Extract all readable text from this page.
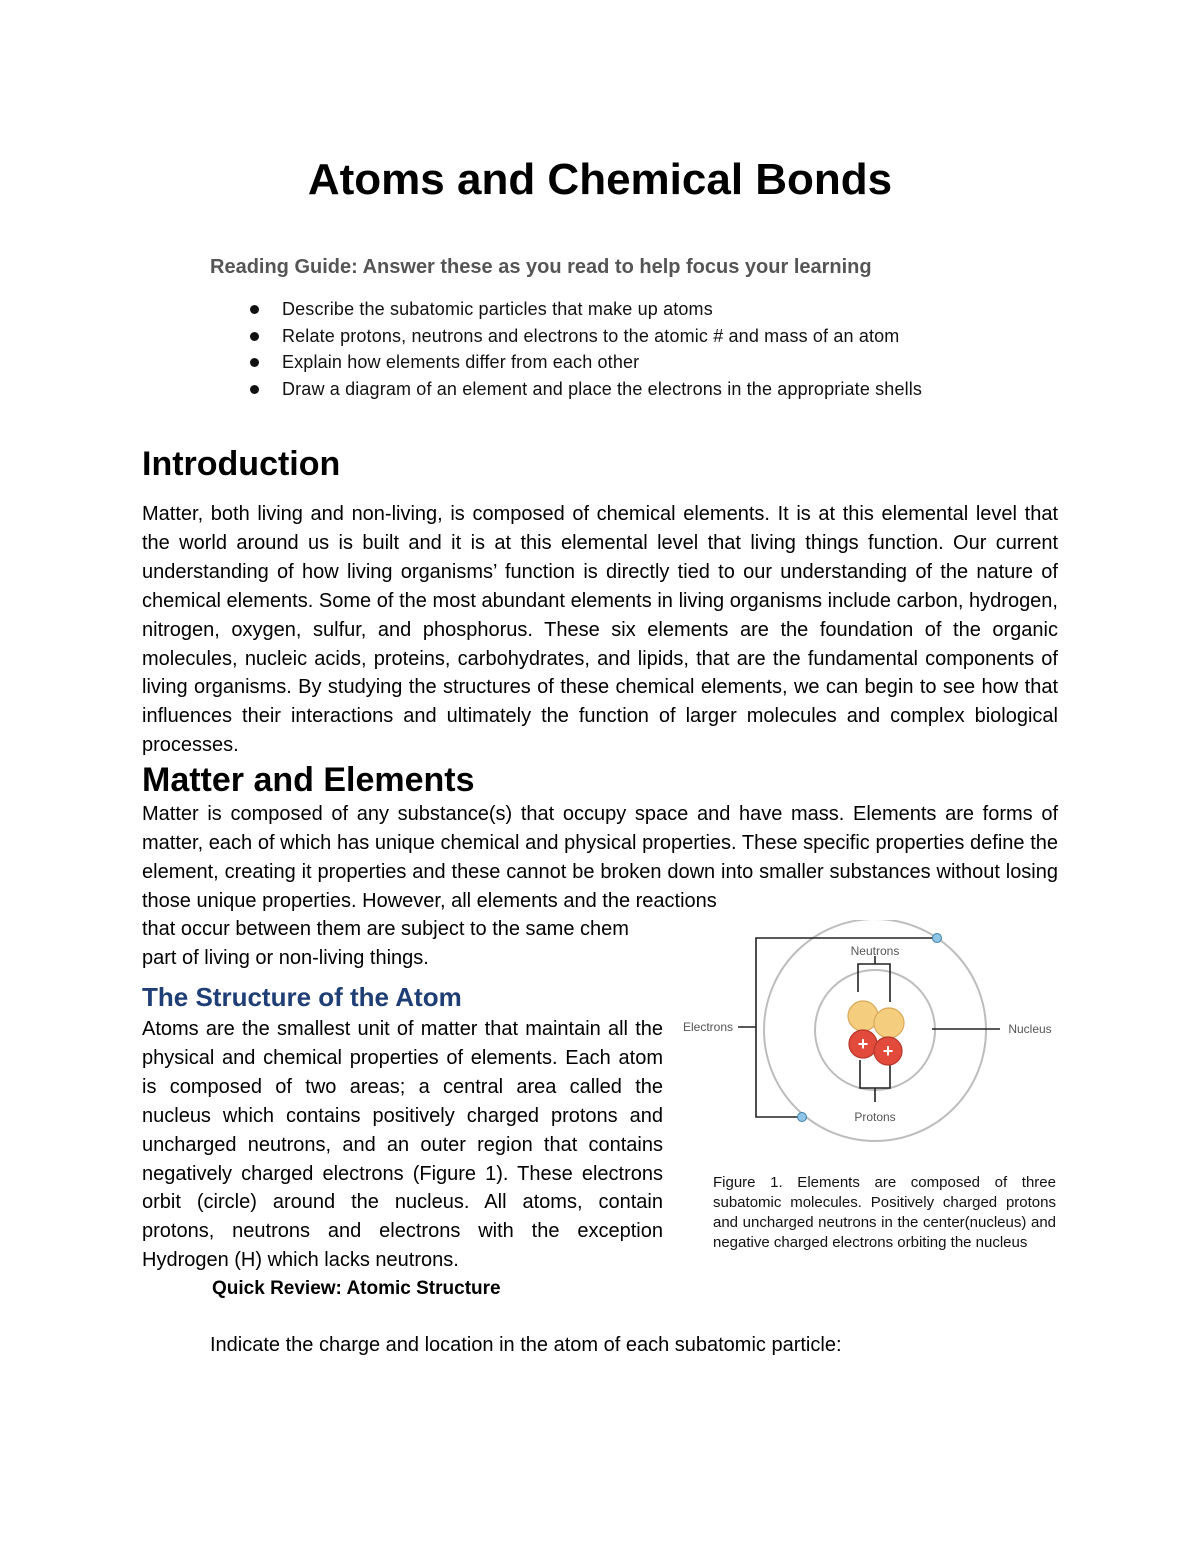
Atoms and Chemical Bonds
Reading Guide: Answer these as you read to help focus your learning
Describe the subatomic particles that make up atoms
Relate protons, neutrons and electrons to the atomic # and mass of an atom
Explain how elements differ from each other
Draw a diagram of an element and place the electrons in the appropriate shells
Introduction

Matter, both living and non-living, is composed of chemical elements. It is at this elemental level that the world around us is built and it is at this elemental level that living things function. Our current understanding of how living organisms’ function is directly tied to our understanding of the nature of chemical elements. Some of the most abundant elements in living organisms include carbon, hydrogen, nitrogen, oxygen, sulfur, and phosphorus. These six elements are the foundation of the organic molecules, nucleic acids, proteins, carbohydrates, and lipids, that are the fundamental components of living organisms. By studying the structures of these chemical elements, we can begin to see how that influences their interactions and ultimately the function of larger molecules and complex biological processes.

Matter and Elements

Matter is composed of any substance(s) that occupy space and have mass. Elements are forms of matter, each of which has unique chemical and physical properties. These specific properties define the element, creating it properties and these cannot be broken down into smaller substances without losing those unique properties. However, all elements and the reactions

that occur between them are subject to the same chem
part of living or non-living things.
The Structure of the Atom

Atoms are the smallest unit of matter that maintain all the physical and chemical properties of elements. Each atom is composed of two areas; a central area called the nucleus which contains positively charged protons and uncharged neutrons, and an outer region that contains negatively charged electrons (Figure 1). These electrons orbit (circle) around the nucleus. All atoms, contain protons, neutrons and electrons with the exception Hydrogen (H) which lacks neutrons.

+ +
Neutrons
Electrons	Nucleus
Protons
Figure 1. Elements are composed of three subatomic molecules. Positively charged protons and uncharged neutrons in the center(nucleus) and negative charged electrons orbiting the nucleus
Quick Review: Atomic Structure
Indicate the charge and location in the atom of each subatomic particle:
